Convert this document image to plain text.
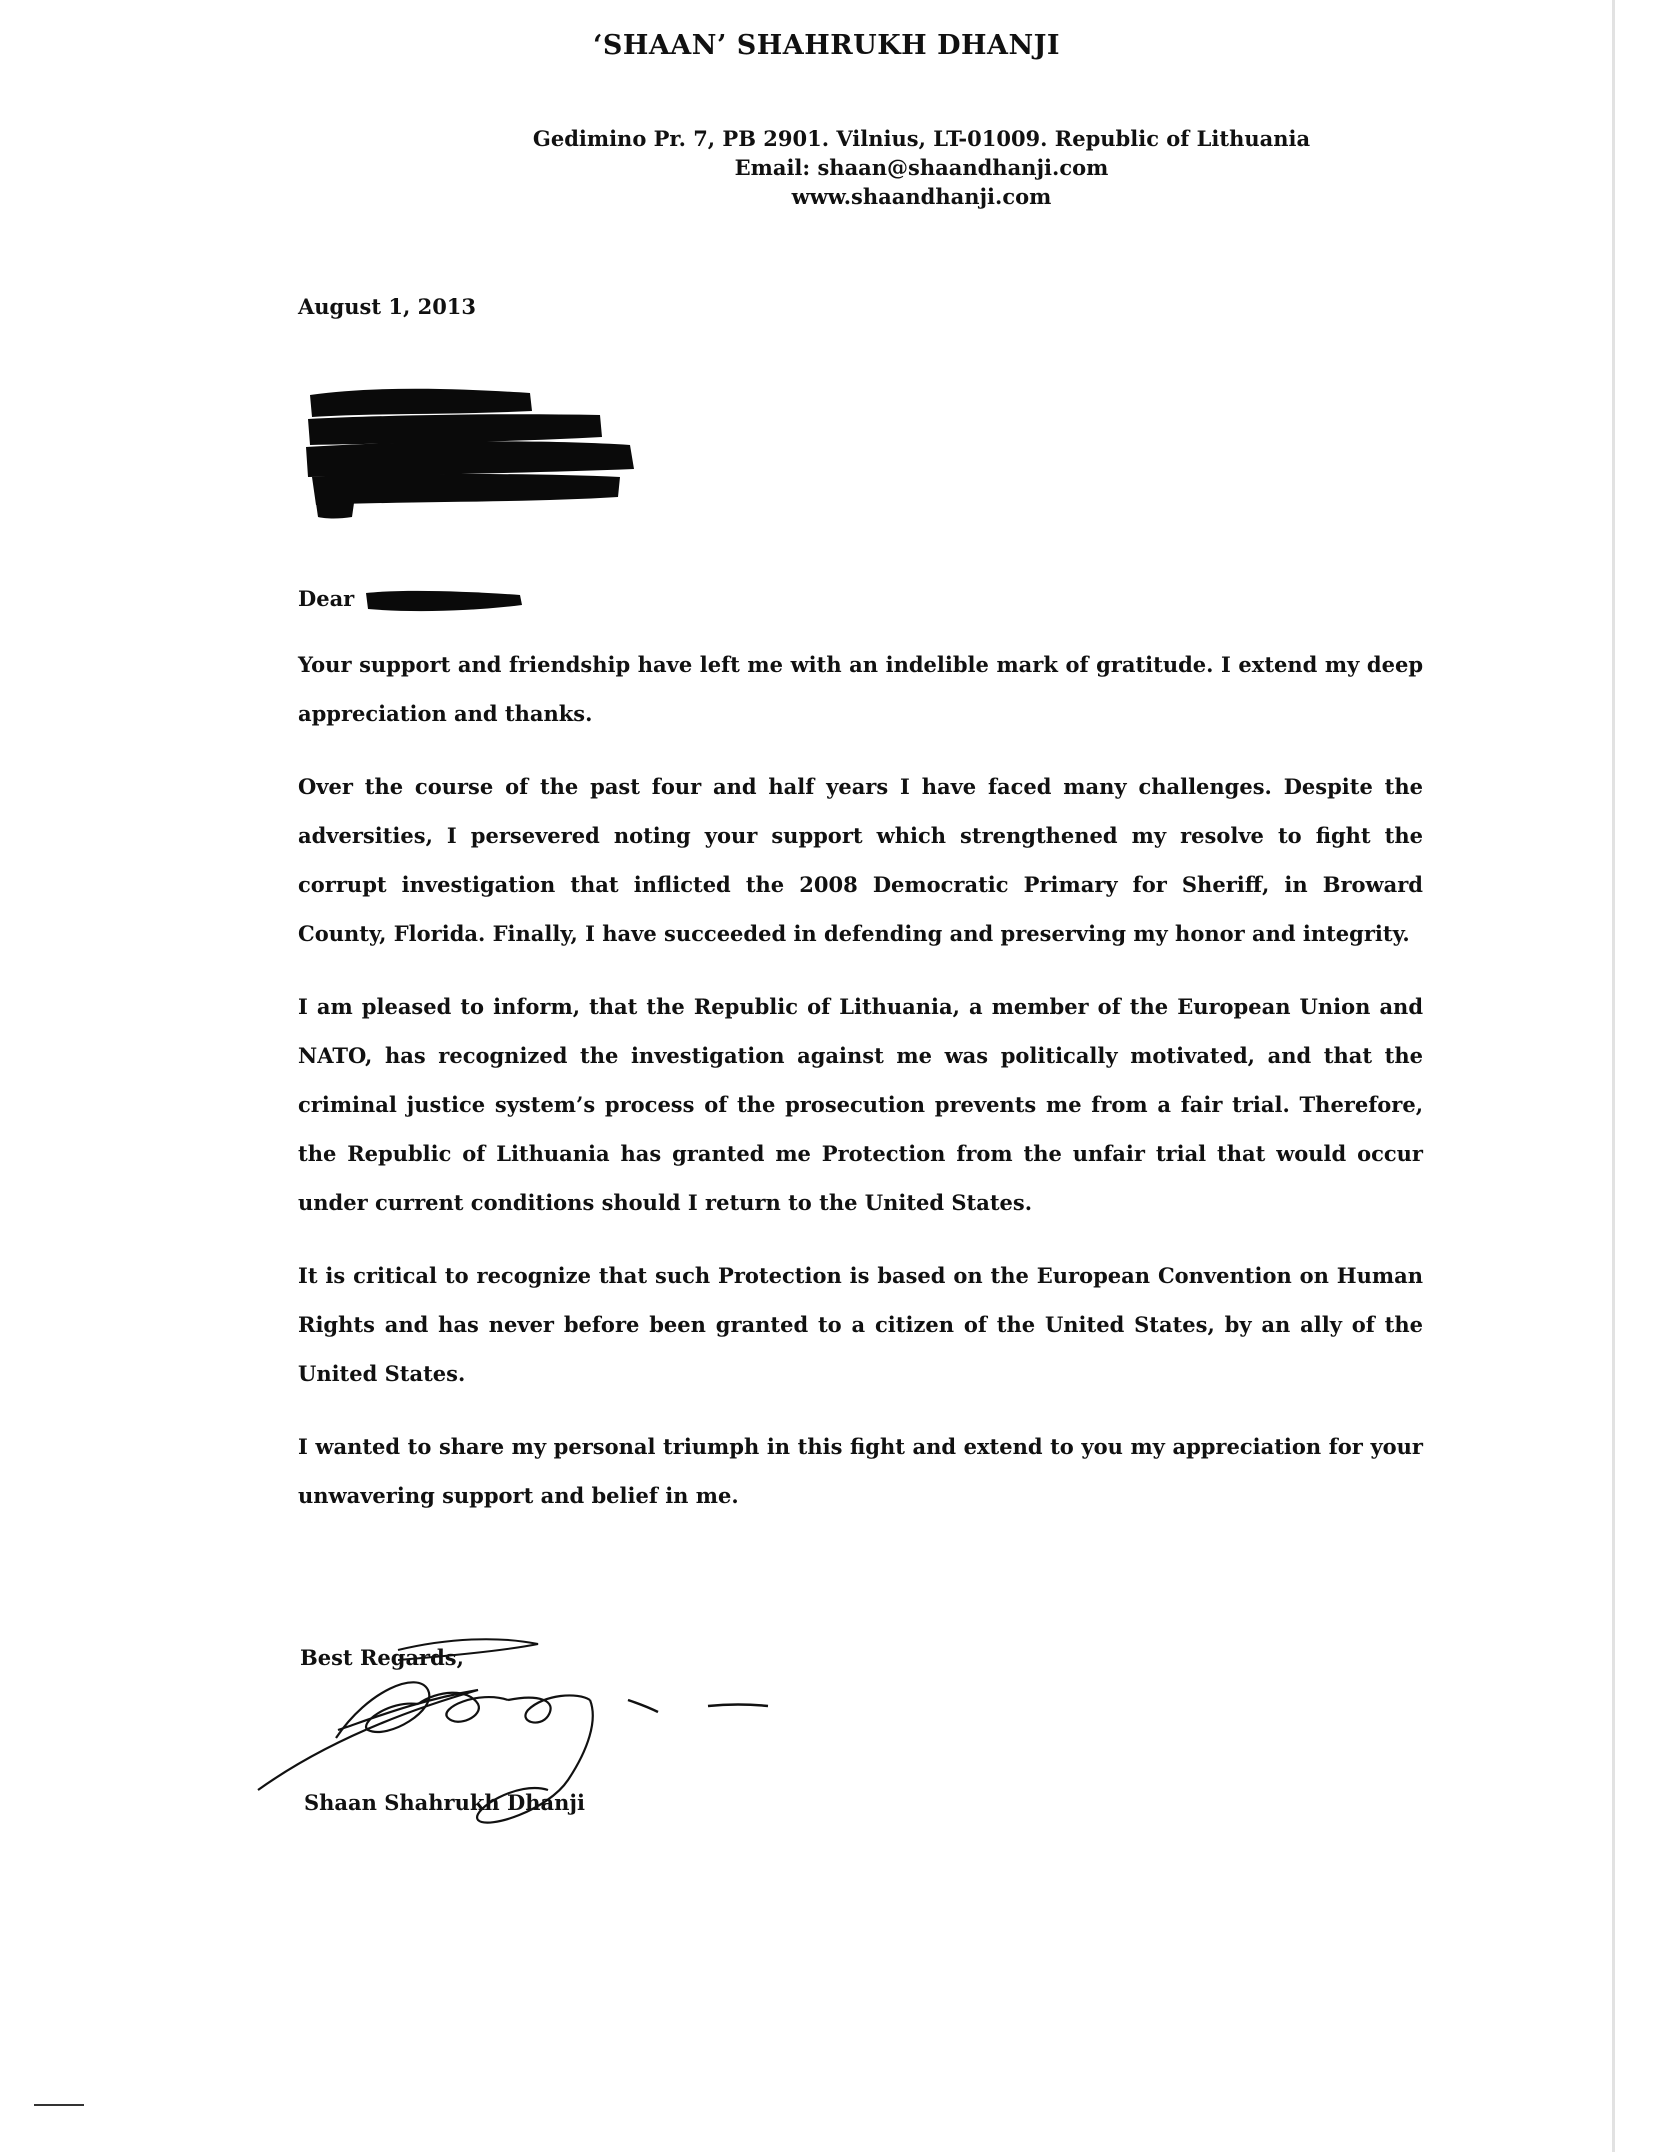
‘SHAAN’ SHAHRUKH DHANJI
Gedimino Pr. 7, PB 2901. Vilnius, LT-01009. Republic of Lithuania
Email: shaan@shaandhanji.com
www.shaandhanji.com
August 1, 2013
Dear

Your support and friendship have left me with an indelible mark of gratitude. I extend my deep appreciation and thanks.

Over the course of the past four and half years I have faced many challenges. Despite the adversities, I persevered noting your support which strengthened my resolve to fight the corrupt investigation that inflicted the 2008 Democratic Primary for Sheriff, in Broward County, Florida. Finally, I have succeeded in defending and preserving my honor and integrity.

I am pleased to inform, that the Republic of Lithuania, a member of the European Union and NATO, has recognized the investigation against me was politically motivated, and that the criminal justice system’s process of the prosecution prevents me from a fair trial. Therefore, the Republic of Lithuania has granted me Protection from the unfair trial that would occur under current conditions should I return to the United States.

It is critical to recognize that such Protection is based on the European Convention on Human Rights and has never before been granted to a citizen of the United States, by an ally of the United States.

I wanted to share my personal triumph in this fight and extend to you my appreciation for your unwavering support and belief in me.

Best Regards,
Shaan Shahrukh Dhanji
